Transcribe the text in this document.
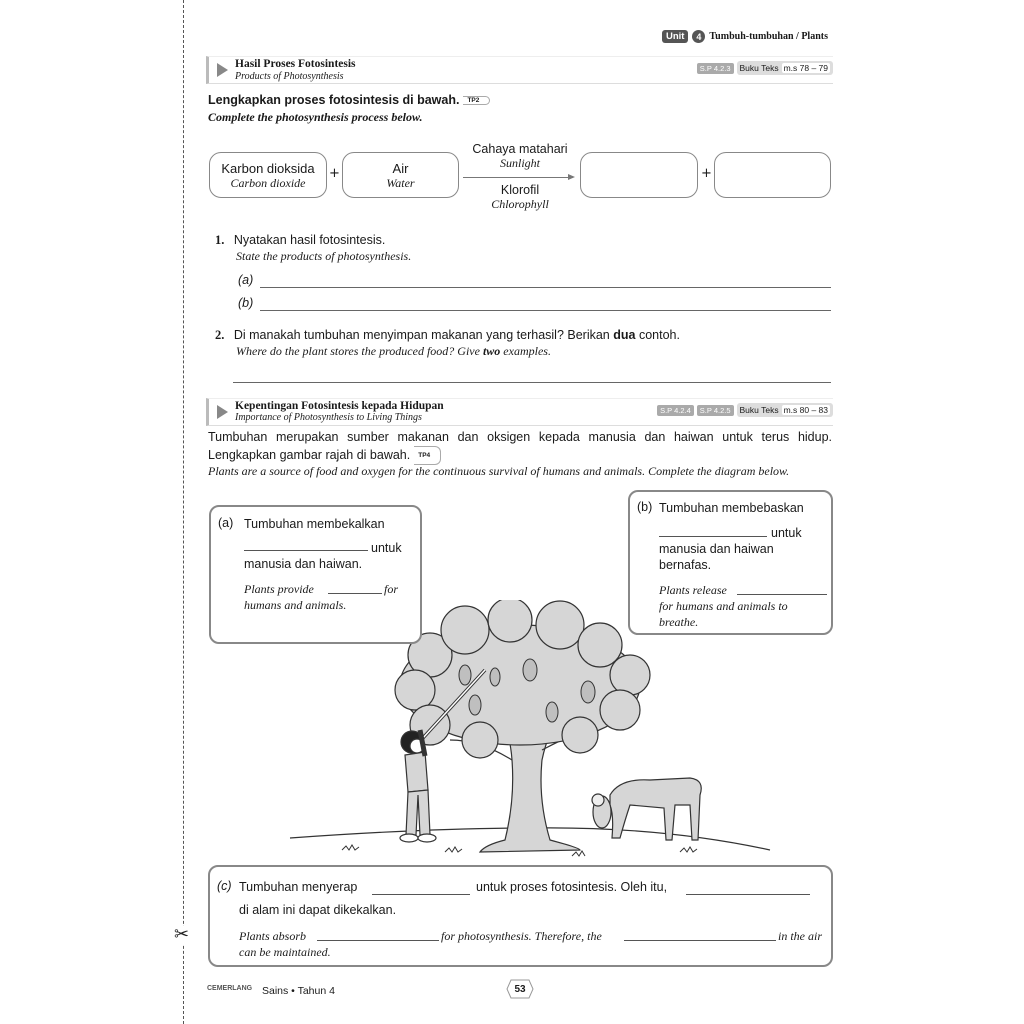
✂
Unit	4 Tumbuh-tumbuhan / Plants
Hasil Proses Fotosintesis
Products of Photosynthesis
S.P 4.2.3	Buku Teks m.s 78 – 79
Lengkapkan proses fotosintesis di bawah. TP2
Complete the photosynthesis process below.
Karbon dioksida
Carbon dioxide
+	Air
Water
Cahaya matahari
Sunlight
Klorofil
Chlorophyll
+
1. Nyatakan hasil fotosintesis.
State the products of photosynthesis.
(a)
(b)
2. Di manakah tumbuhan menyimpan makanan yang terhasil? Berikan dua contoh.
Where do the plant stores the produced food? Give two examples.
Kepentingan Fotosintesis kepada Hidupan
Importance of Photosynthesis to Living Things
S.P 4.2.4	S.P 4.2.5	Buku Teks m.s 80 – 83
Tumbuhan merupakan sumber makanan dan oksigen kepada manusia dan haiwan untuk terus hidup. Lengkapkan gambar rajah di bawah. TP4
Plants are a source of food and oxygen for the continuous survival of humans and animals. Complete the diagram below.
(a) Tumbuhan membekalkan
untuk
manusia dan haiwan.
Plants provide	for
humans and animals.
(b) Tumbuhan membebaskan
untuk
manusia dan haiwan
bernafas.
Plants release
for humans and animals to
breathe.
(c) Tumbuhan menyerap	untuk proses fotosintesis. Oleh itu,
di alam ini dapat dikekalkan.
Plants absorb	for photosynthesis. Therefore, the	in the air
can be maintained.
CEMERLANG Sains • Tahun 4	53
